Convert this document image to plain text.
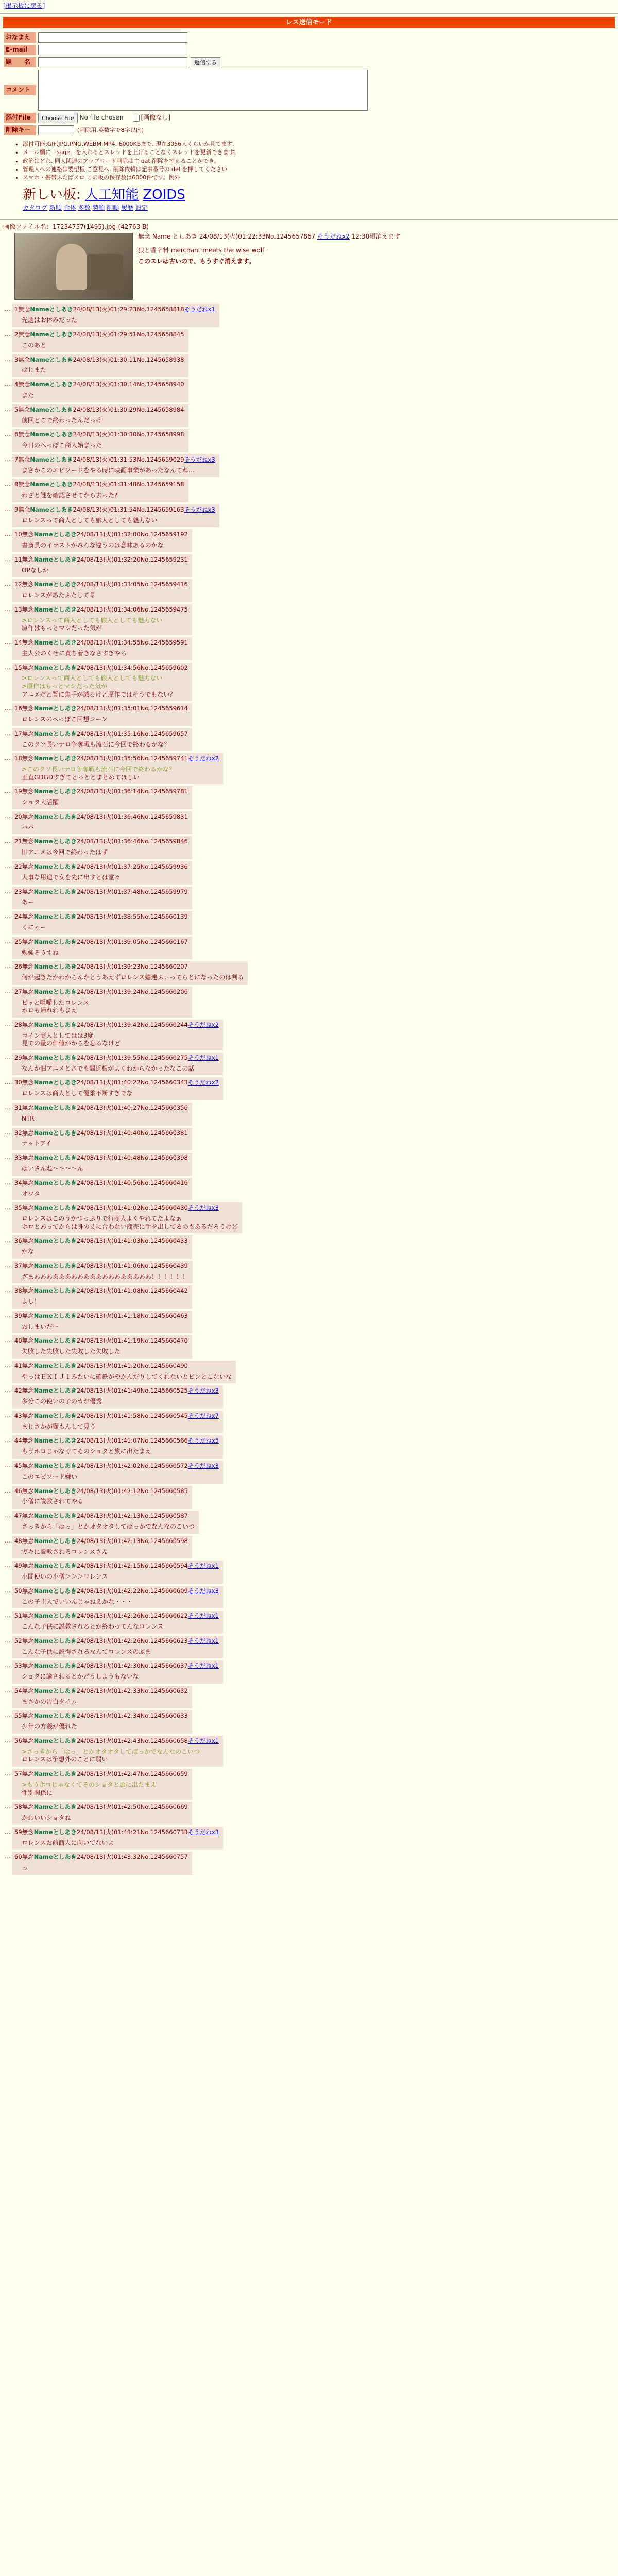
[掲示板に戻る]
レス送信モード
おなまえ
E-mail
題　　名	返信する
コメント
添付File	Choose File No file chosen	[画像なし]
削除キー	(削除用.英数字で8字以内)
• 添付可能:GIF,JPG,PNG,WEBM,MP4. 6000KBまで. 現在3056人くらいが見てます.
• メール欄に「sage」を入れるとスレッドを上げることなくスレッドを更新できます。
• 政治はどれ. 同人関連のアップロード削除は主 dat 削除を控えることができ。
• 管理人への連絡は要望板 ご意見へ. 削除依頼は記事番号の del を押してください
• スマホ・携帯ふたばスロ この板の保存数は6000件です。例外
新しい板: 人工知能 ZOIDS
カタログ 新順 合体 多数 勢順 削順 履歴 設定
画像ファイル名：17234757(1495).jpg-(42763 B)
無念 Name としあき 24/08/13(火)01:22:33No.1245657867 そうだねx2 12:30頃消えます
狼と香辛料 merchant meets the wise wolf
このスレは古いので、もうすぐ消えます。
… 1無念Nameとしあき24/08/13(火)01:29:23No.1245658818そうだねx1
先週はお休みだった
… 2無念Nameとしあき24/08/13(火)01:29:51No.1245658845
このあと
… 3無念Nameとしあき24/08/13(火)01:30:11No.1245658938
はじまた
… 4無念Nameとしあき24/08/13(火)01:30:14No.1245658940
また
… 5無念Nameとしあき24/08/13(火)01:30:29No.1245658984
前回どこで終わったんだっけ
… 6無念Nameとしあき24/08/13(火)01:30:30No.1245658998
今日のへっぽこ商人始まった
… 7無念Nameとしあき24/08/13(火)01:31:53No.1245659029そうだねx3
まさかこのエピソードをやる時に映画事業があったなんてね…
… 8無念Nameとしあき24/08/13(火)01:31:48No.1245659158
わざと謎を確認させてから去った?
… 9無念Nameとしあき24/08/13(火)01:31:54No.1245659163そうだねx3
ロレンスって商人としても旅人としても魅力ない
… 10無念Nameとしあき24/08/13(火)01:32:00No.1245659192
書斎長のイラストがみんな違うのは意味あるのかな
… 11無念Nameとしあき24/08/13(火)01:32:20No.1245659231
OPなしか
… 12無念Nameとしあき24/08/13(火)01:33:05No.1245659416
ロレンスがあたふたしてる
… 13無念Nameとしあき24/08/13(火)01:34:06No.1245659475
>ロレンスって商人としても旅人としても魅力ない
原作はもっとマシだった気が
… 14無念Nameとしあき24/08/13(火)01:34:55No.1245659591
主人公のくせに責ち着きなさすぎやろ
… 15無念Nameとしあき24/08/13(火)01:34:56No.1245659602
>ロレンスって商人としても旅人としても魅力ない
>原作はもっとマシだった気が
アニメだと質に焦手が減るけど原作ではそうでもない？
… 16無念Nameとしあき24/08/13(火)01:35:01No.1245659614
ロレンスのへっぽこ回想シーン
… 17無念Nameとしあき24/08/13(火)01:35:16No.1245659657
このクソ長いナロ争奪戦も流石に今回で終わるかな？
… 18無念Nameとしあき24/08/13(火)01:35:56No.1245659741そうだねx2
>このクソ長いナロ争奪戦も流石に今回で終わるかな？
正直GDGDすぎてとっととまとめてほしい
… 19無念Nameとしあき24/08/13(火)01:36:14No.1245659781
ショタ大活躍
… 20無念Nameとしあき24/08/13(火)01:36:46No.1245659831
パパ
… 21無念Nameとしあき24/08/13(火)01:36:46No.1245659846
旧アニメは今回で終わったはず
… 22無念Nameとしあき24/08/13(火)01:37:25No.1245659936
大事な用途で女を先に出すとは堂々
… 23無念Nameとしあき24/08/13(火)01:37:48No.1245659979
あー
… 24無念Nameとしあき24/08/13(火)01:38:55No.1245660139
くにゃー
… 25無念Nameとしあき24/08/13(火)01:39:05No.1245660167
勉強そうすね
… 26無念Nameとしあき24/08/13(火)01:39:23No.1245660207
何が起きたかわからんかとうあえずロレンス嬉連ふぃってらとになったのは判る
… 27無念Nameとしあき24/08/13(火)01:39:24No.1245660206
ピッと咀嚼したロレンス
ホロも帰れれもまえ
… 28無念Nameとしあき24/08/13(火)01:39:42No.1245660244そうだねx2
コイン商人としてはは3度
見ての量の価値がからを忘るなけど
… 29無念Nameとしあき24/08/13(火)01:39:55No.1245660275そうだねx1
なんか旧アニメとさでも間近根がよくわからなかったなこの話
… 30無念Nameとしあき24/08/13(火)01:40:22No.1245660343そうだねx2
ロレンスは商人として優柔不断すぎでな
… 31無念Nameとしあき24/08/13(火)01:40:27No.1245660356
NTR
… 32無念Nameとしあき24/08/13(火)01:40:40No.1245660381
ナットアイ
… 33無念Nameとしあき24/08/13(火)01:40:48No.1245660398
はいさんね〜〜〜〜ん
… 34無念Nameとしあき24/08/13(火)01:40:56No.1245660416
オワタ
… 35無念Nameとしあき24/08/13(火)01:41:02No.1245660430そうだねx3
ロレンスはこのうかつっぷりで行商人よくやれてたよなぁ
ホロとあってからは身の丈に合わない商売に手を出してるのもあるだろうけど
… 36無念Nameとしあき24/08/13(火)01:41:03No.1245660433
かな
… 37無念Nameとしあき24/08/13(火)01:41:06No.1245660439
ざまあああああああああああああああああああ！！！！！！
… 38無念Nameとしあき24/08/13(火)01:41:08No.1245660442
よし！
… 39無念Nameとしあき24/08/13(火)01:41:18No.1245660463
おしまいだー
… 40無念Nameとしあき24/08/13(火)01:41:19No.1245660470
失敗した失敗した失敗した失敗した
… 41無念Nameとしあき24/08/13(火)01:41:20No.1245660490
やっぱＥＫＩＪ１みたいに確鉄がやかんだりしてくれないとピンとこないな
… 42無念Nameとしあき24/08/13(火)01:41:49No.1245660525そうだねx3
多分この使いの子のカが優秀
… 43無念Nameとしあき24/08/13(火)01:41:58No.1245660545そうだねx7
まじさかが獅もんして見う
… 44無念Nameとしあき24/08/13(火)01:41:07No.1245660566そうだねx5
もうホロじゃなくてそのショタと旅に出たまえ
… 45無念Nameとしあき24/08/13(火)01:42:02No.1245660572そうだねx3
このエピソード嫌い
… 46無念Nameとしあき24/08/13(火)01:42:12No.1245660585
小僧に説教されてやる
… 47無念Nameとしあき24/08/13(火)01:42:13No.1245660587
さっきから「はっ」とかオタオタしてばっかでなんなのこいつ
… 48無念Nameとしあき24/08/13(火)01:42:13No.1245660598
ガキに説教されるロレンスさん
… 49無念Nameとしあき24/08/13(火)01:42:15No.1245660594そうだねx1
小間使いの小僧＞＞＞ロレンス
… 50無念Nameとしあき24/08/13(火)01:42:22No.1245660609そうだねx3
この子主人でいいんじゃねえかな・・・
… 51無念Nameとしあき24/08/13(火)01:42:26No.1245660622そうだねx1
こんな子供に説教されるとか終わってんなロレンス
… 52無念Nameとしあき24/08/13(火)01:42:26No.1245660623そうだねx1
こんな子供に説得されるなんてロレンスのぶま
… 53無念Nameとしあき24/08/13(火)01:42:30No.1245660637そうだねx1
ショタに諭されるとかどうしようもないな
… 54無念Nameとしあき24/08/13(火)01:42:33No.1245660632
まさかの告白タイム
… 55無念Nameとしあき24/08/13(火)01:42:34No.1245660633
少年の方義が優れた
… 56無念Nameとしあき24/08/13(火)01:42:43No.1245660658そうだねx1
>さっきから「はっ」とかオタオタしてばっかでなんなのこいつ
ロレンスは予想外のことに弱い
… 57無念Nameとしあき24/08/13(火)01:42:47No.1245660659
>もうホロじゃなくてそのショタと旅に出たまえ
性別関係に
… 58無念Nameとしあき24/08/13(火)01:42:50No.1245660669
かわいいショタね
… 59無念Nameとしあき24/08/13(火)01:43:21No.1245660733そうだねx3
ロレンスお前商人に向いてないよ
… 60無念Nameとしあき24/08/13(火)01:43:32No.1245660757
っ
